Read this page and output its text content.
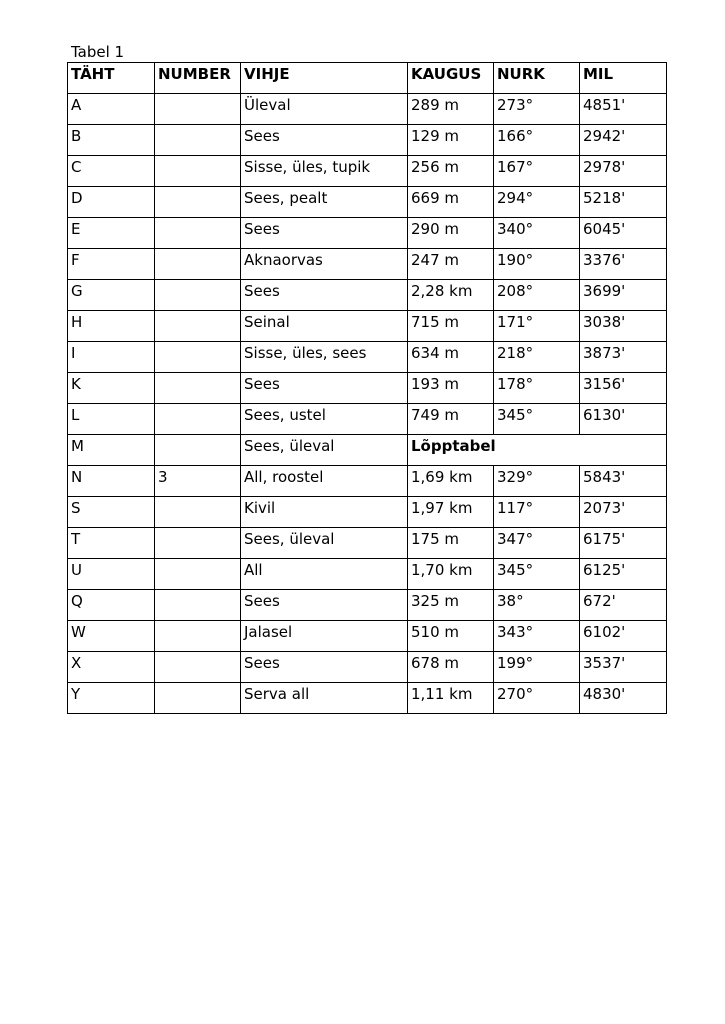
Tabel 1
TÄHT	NUMBER	VIHJE	KAUGUS	NURK	MIL
A		Üleval	289 m	273°	4851'
B		Sees	129 m	166°	2942'
C		Sisse, üles, tupik	256 m	167°	2978'
D		Sees, pealt	669 m	294°	5218'
E		Sees	290 m	340°	6045'
F		Aknaorvas	247 m	190°	3376'
G		Sees	2,28 km	208°	3699'
H		Seinal	715 m	171°	3038'
I		Sisse, üles, sees	634 m	218°	3873'
K		Sees	193 m	178°	3156'
L		Sees, ustel	749 m	345°	6130'
M		Sees, üleval	Lõpptabel		
N	3	All, roostel	1,69 km	329°	5843'
S		Kivil	1,97 km	117°	2073'
T		Sees, üleval	175 m	347°	6175'
U		All	1,70 km	345°	6125'
Q		Sees	325 m	38°	672'
W		Jalasel	510 m	343°	6102'
X		Sees	678 m	199°	3537'
Y		Serva all	1,11 km	270°	4830'
